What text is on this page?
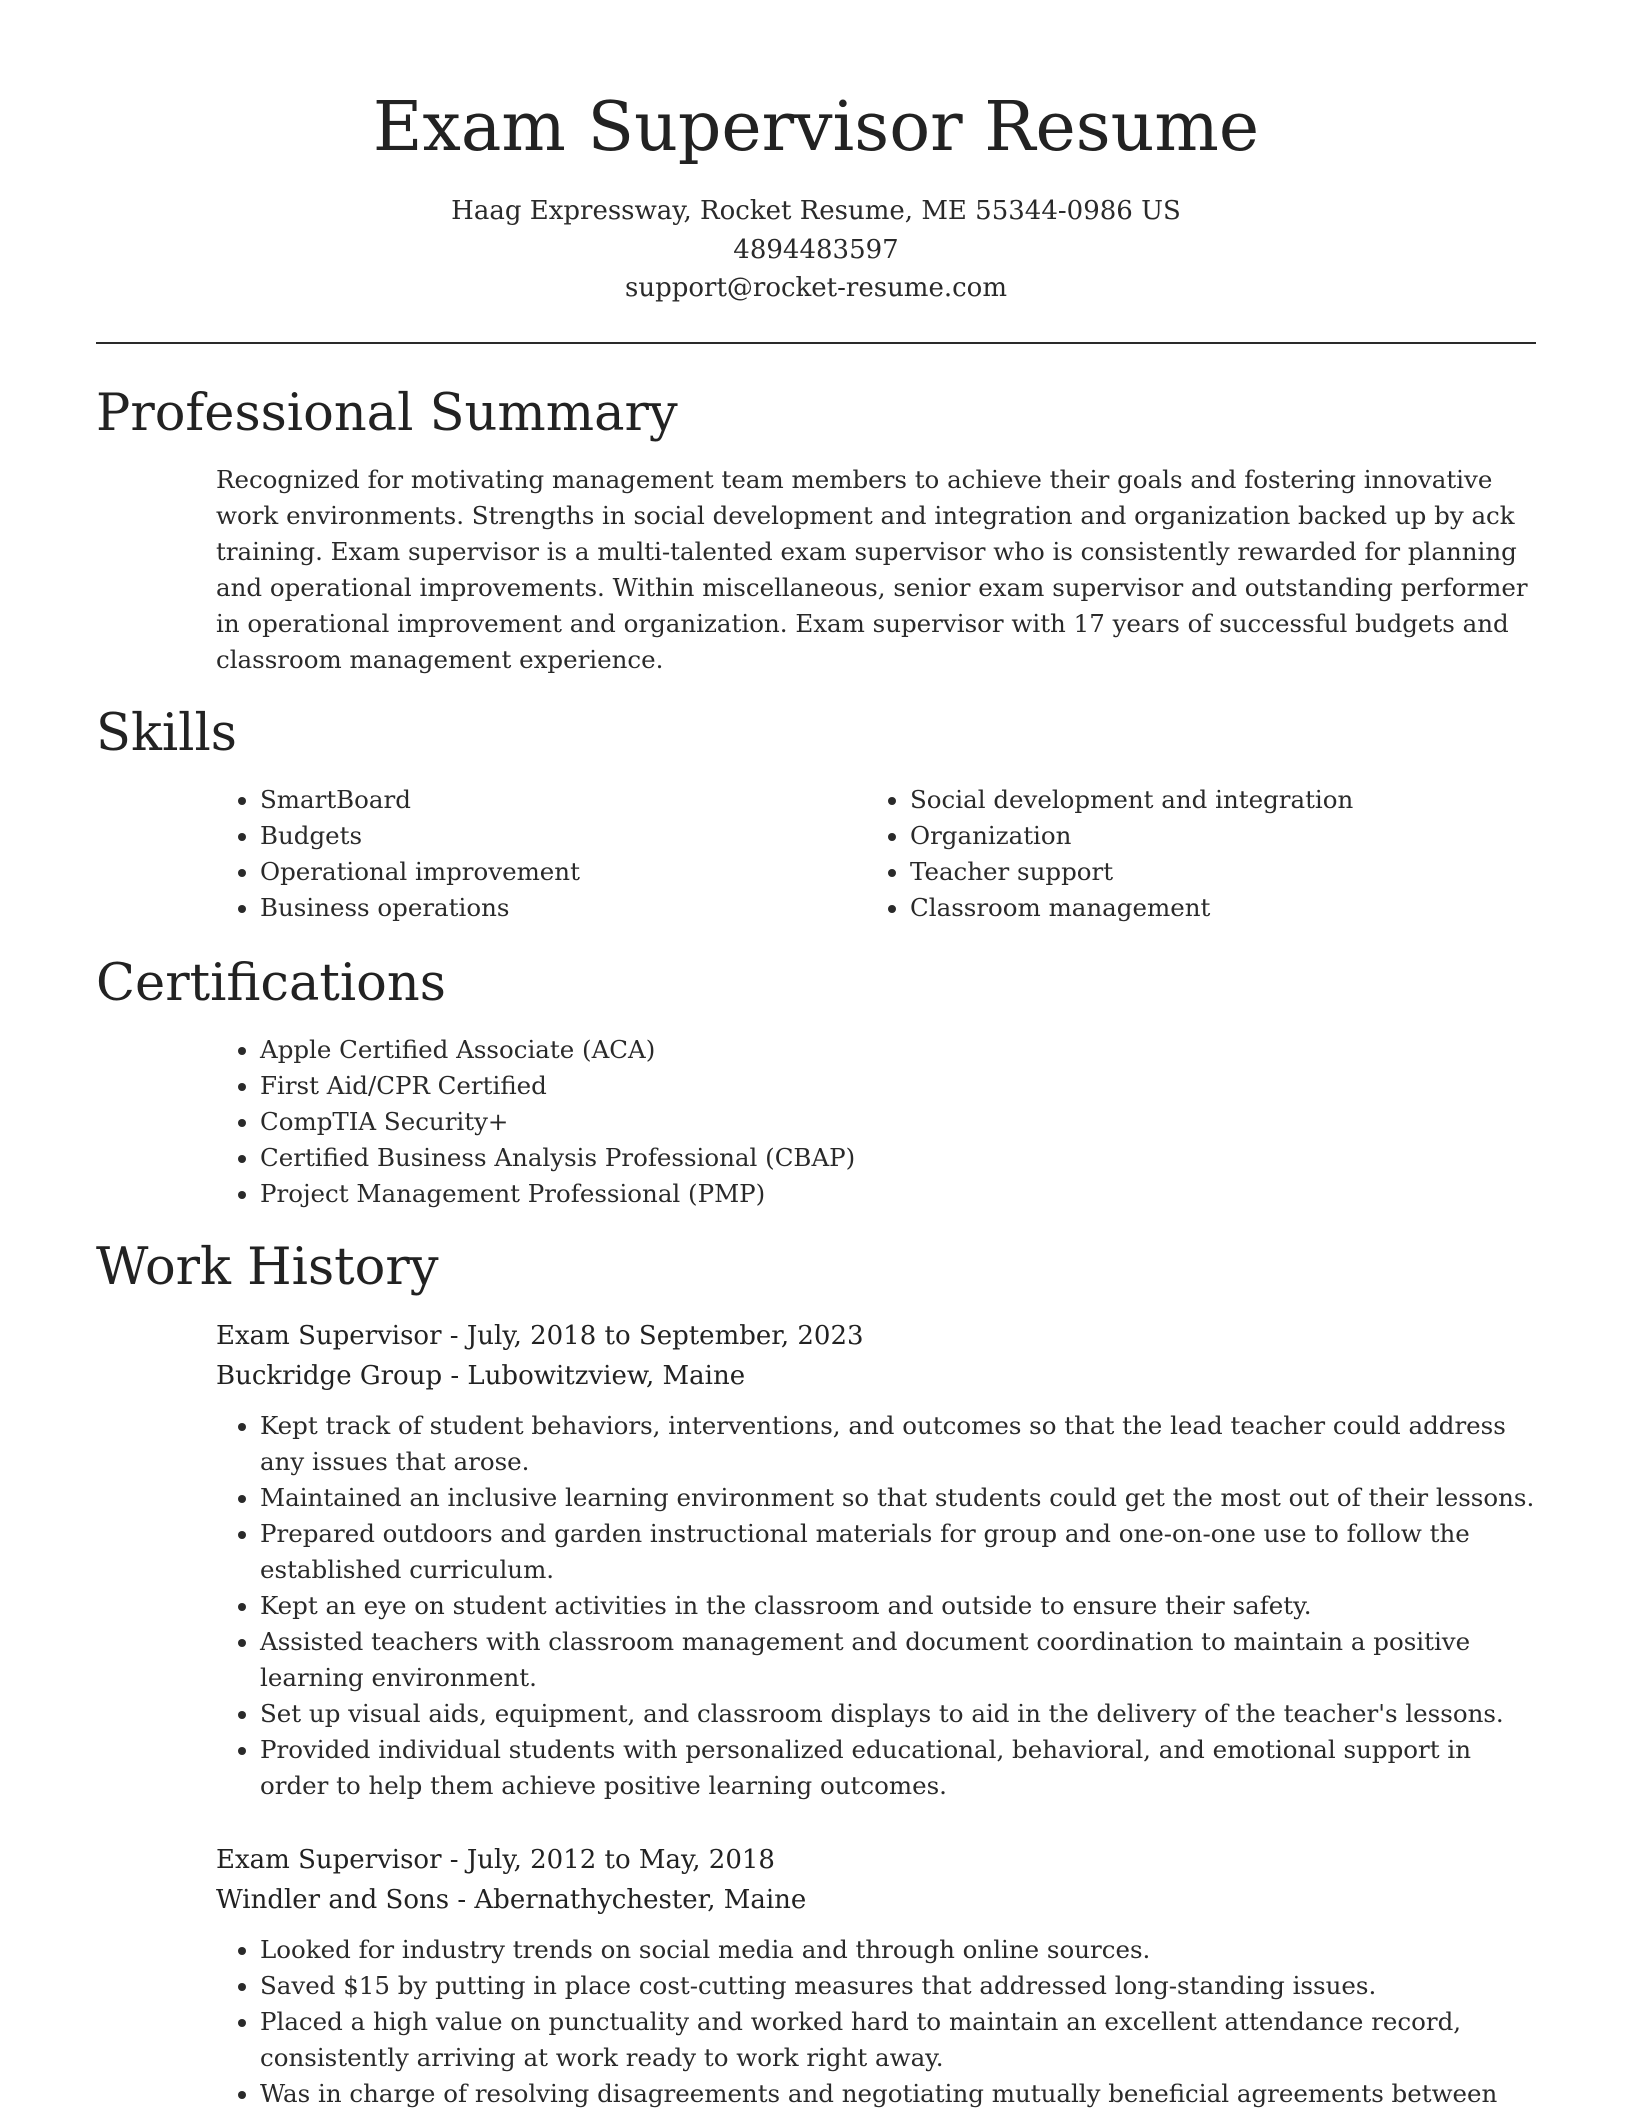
Exam Supervisor Resume
Haag Expressway, Rocket Resume, ME 55344-0986 US
4894483597
support@rocket-resume.com
Professional Summary

Recognized for motivating management team members to achieve their goals and fostering innovative work environments. Strengths in social development and integration and organization backed up by ack training. Exam supervisor is a multi-talented exam supervisor who is consistently rewarded for planning and operational improvements. Within miscellaneous, senior exam supervisor and outstanding performer in operational improvement and organization. Exam supervisor with 17 years of successful budgets and classroom management experience.

Skills
• SmartBoard
• Budgets
• Operational improvement
• Business operations
• Social development and integration
• Organization
• Teacher support
• Classroom management
Certifications
• Apple Certified Associate (ACA)
• First Aid/CPR Certified
• CompTIA Security+
• Certified Business Analysis Professional (CBAP)
• Project Management Professional (PMP)
Work History
Exam Supervisor - July, 2018 to September, 2023
Buckridge Group - Lubowitzview, Maine
• Kept track of student behaviors, interventions, and outcomes so that the lead teacher could address any issues that arose.
• Maintained an inclusive learning environment so that students could get the most out of their lessons.
• Prepared outdoors and garden instructional materials for group and one-on-one use to follow the established curriculum.
• Kept an eye on student activities in the classroom and outside to ensure their safety.
• Assisted teachers with classroom management and document coordination to maintain a positive learning environment.
• Set up visual aids, equipment, and classroom displays to aid in the delivery of the teacher's lessons.
• Provided individual students with personalized educational, behavioral, and emotional support in order to help them achieve positive learning outcomes.
Exam Supervisor - July, 2012 to May, 2018
Windler and Sons - Abernathychester, Maine
• Looked for industry trends on social media and through online sources.
• Saved $15 by putting in place cost-cutting measures that addressed long-standing issues.
• Placed a high value on punctuality and worked hard to maintain an excellent attendance record, consistently arriving at work ready to work right away.
• Was in charge of resolving disagreements and negotiating mutually beneficial agreements between
